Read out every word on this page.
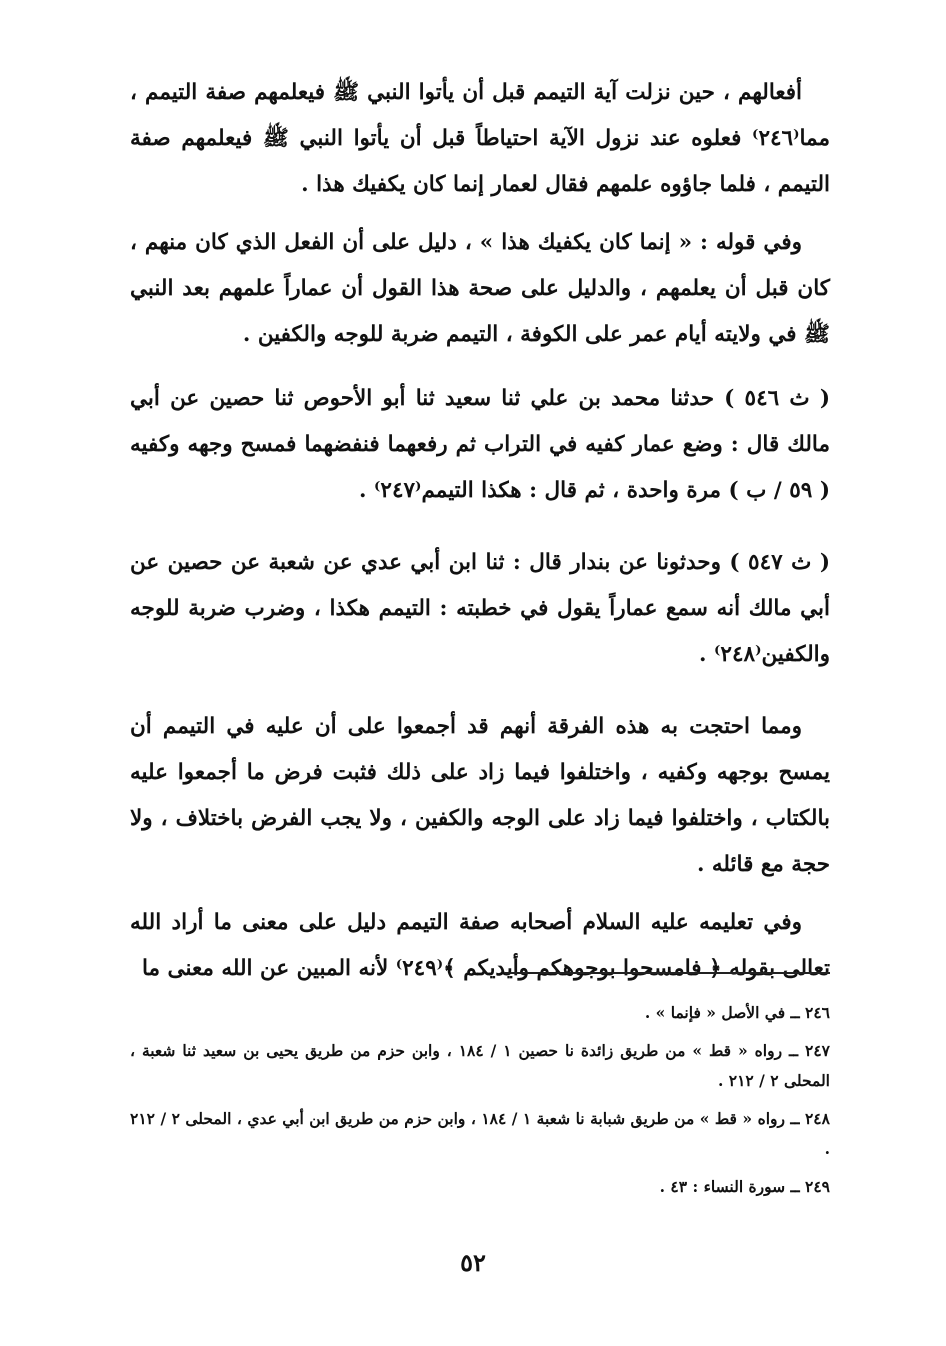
أفعالهم ، حين نزلت آية التيمم قبل أن يأتوا النبي ﷺ فيعلمهم صفة التيمم ، مما⁽٢٤٦⁾ فعلوه عند نزول الآية احتياطاً قبل أن يأتوا النبي ﷺ فيعلمهم صفة التيمم ، فلما جاؤوه علمهم فقال لعمار إنما كان يكفيك هذا .

وفي قوله : « إنما كان يكفيك هذا » ، دليل على أن الفعل الذي كان منهم ، كان قبل أن يعلمهم ، والدليل على صحة هذا القول أن عماراً علمهم بعد النبي ﷺ في ولايته أيام عمر على الكوفة ، التيمم ضربة للوجه والكفين .

( ث ٥٤٦ ) حدثنا محمد بن علي ثنا سعيد ثنا أبو الأحوص ثنا حصين عن أبي مالك قال : وضع عمار كفيه في التراب ثم رفعهما فنفضهما فمسح وجهه وكفيه ( ٥٩ / ب ) مرة واحدة ، ثم قال : هكذا التيمم⁽٢٤٧⁾ .

( ث ٥٤٧ ) وحدثونا عن بندار قال : ثنا ابن أبي عدي عن شعبة عن حصين عن أبي مالك أنه سمع عماراً يقول في خطبته : التيمم هكذا ، وضرب ضربة للوجه والكفين⁽٢٤٨⁾ .

ومما احتجت به هذه الفرقة أنهم قد أجمعوا على أن عليه في التيمم أن يمسح بوجهه وكفيه ، واختلفوا فيما زاد على ذلك فثبت فرض ما أجمعوا عليه بالكتاب ، واختلفوا فيما زاد على الوجه والكفين ، ولا يجب الفرض باختلاف ، ولا حجة مع قائله .

وفي تعليمه عليه السلام أصحابه صفة التيمم دليل على معنى ما أراد الله تعالى بقوله ﴿ فامسحوا بوجوهكم وأيديكم ﴾⁽٢٤٩⁾ لأنه المبين عن الله معنى ما

٢٤٦ ــ في الأصل « فإنما » .

٢٤٧ ــ رواه « قط » من طريق زائدة نا حصين ١ / ١٨٤ ، وابن حزم من طريق يحيى بن سعيد ثنا شعبة ، المحلى ٢ / ٢١٢ .

٢٤٨ ــ رواه « قط » من طريق شبابة نا شعبة ١ / ١٨٤ ، وابن حزم من طريق ابن أبي عدي ، المحلى ٢ / ٢١٢ .

٢٤٩ ــ سورة النساء : ٤٣ .

٥٢
